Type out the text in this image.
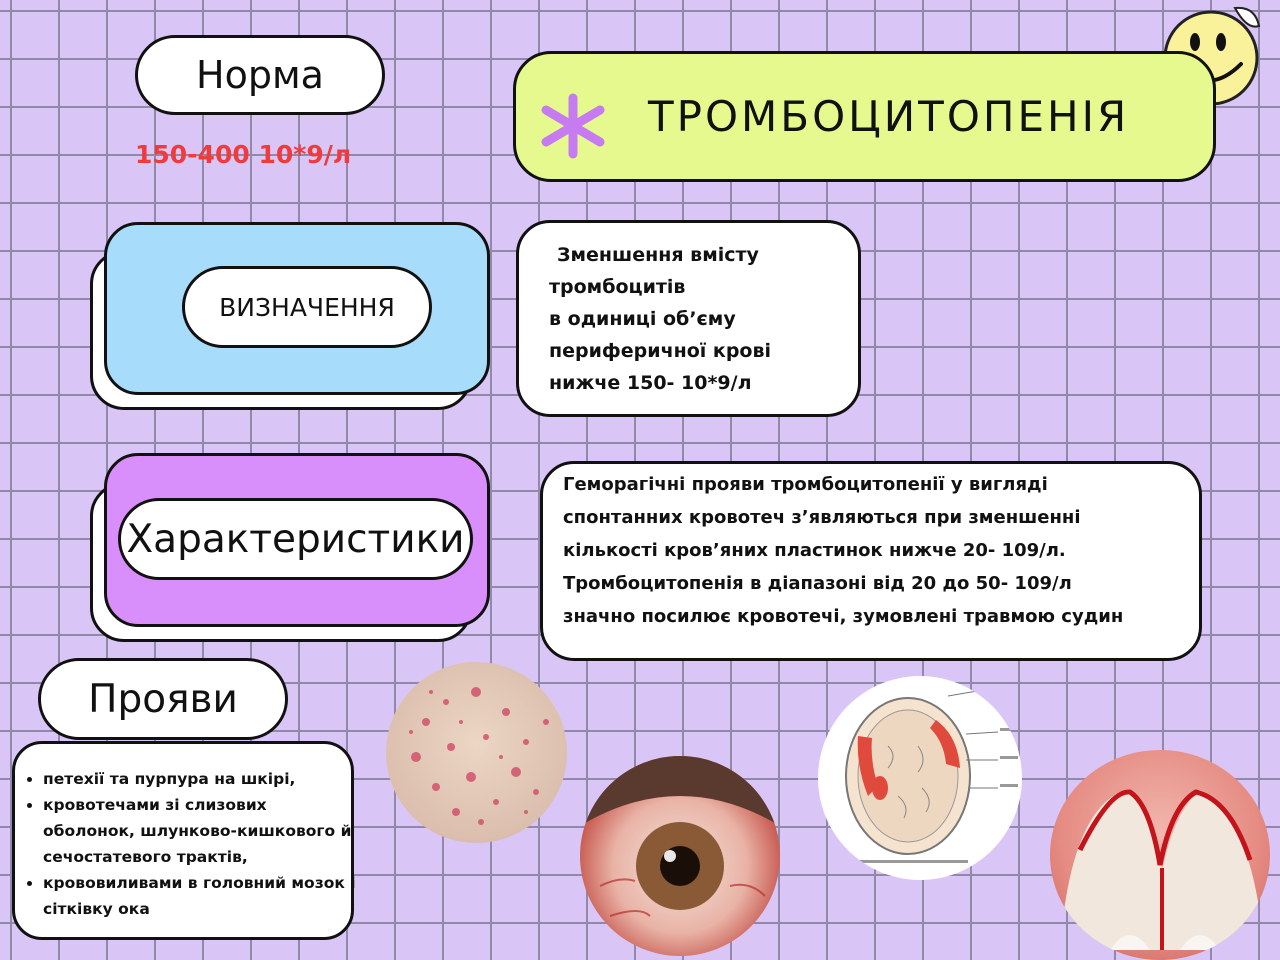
Норма
150-400 10*9/л
ТРОМБОЦИТОПЕНІЯ
ВИЗНАЧЕННЯ
Зменшення вмісту
тромбоцитів
в одиниці об’єму
периферичної крові
нижче 150- 10*9/л
Характеристики
Геморагічні прояви тромбоцитопенії у вигляді
спонтанних кровотеч з’являються при зменшенні
кількості кров’яних пластинок нижче 20- 109/л.
Тромбоцитопенія в діапазоні від 20 до 50- 109/л
значно посилює кровотечі, зумовлені травмою судин
Прояви
• петехії та пурпура на шкірі,
• кровотечами зі слизових оболонок, шлунково-кишкового й сечостатевого трактів,
• крововиливами в головний мозок і сітківку ока
